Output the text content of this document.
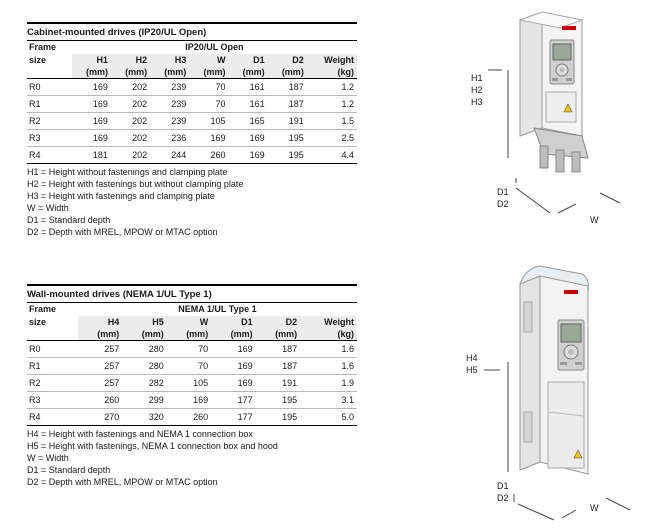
Cabinet-mounted drives (IP20/UL Open)
Frame	IP20/UL Open						
size	H1	H2	H3	W	D1	D2	Weight
	(mm)	(mm)	(mm)	(mm)	(mm)	(mm)	(kg)
R0	169	202	239	70	161	187	1.2
R1	169	202	239	70	161	187	1.2
R2	169	202	239	105	165	191	1.5
R3	169	202	236	169	169	195	2.5
R4	181	202	244	260	169	195	4.4
H1 = Height without fastenings and clamping plate
H2 = Height with fastenings but without clamping plate
H3 = Height with fastenings and clamping plate
W = Width
D1 = Standard depth
D2 = Depth with MREL, MPOW or MTAC option
Wall-mounted drives (NEMA 1/UL Type 1)
Frame	NEMA 1/UL Type 1					
size	H4	H5	W	D1	D2	Weight
	(mm)	(mm)	(mm)	(mm)	(mm)	(kg)
R0	257	280	70	169	187	1.6
R1	257	280	70	169	187	1.6
R2	257	282	105	169	191	1.9
R3	260	299	169	177	195	3.1
R4	270	320	260	177	195	5.0
H4 = Height with fastenings and NEMA 1 connection box
H5 = Height with fastenings, NEMA 1 connection box and hood
W = Width
D1 = Standard depth
D2 = Depth with MREL, MPOW or MTAC option
H1
H2
H3
D1
D2
W
H4
H5
D1
D2
W
